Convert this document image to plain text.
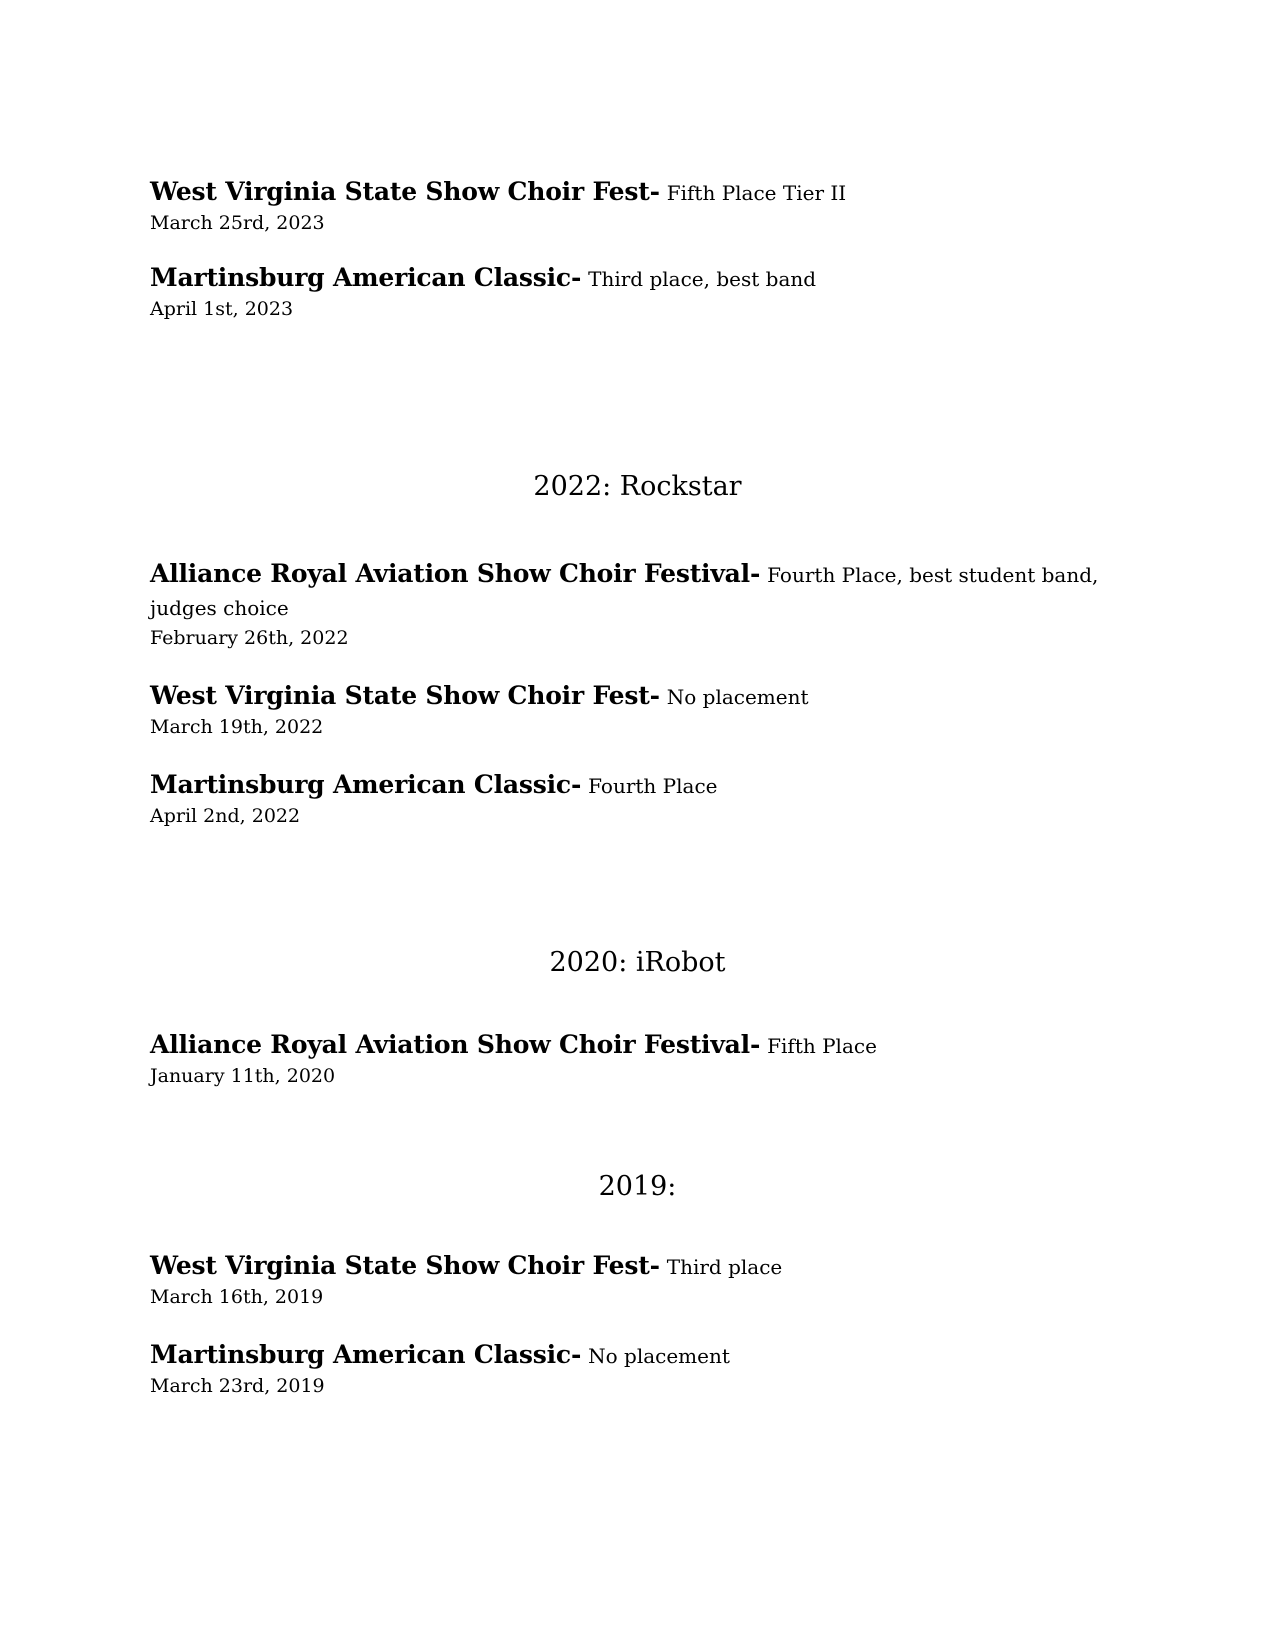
West Virginia State Show Choir Fest- Fifth Place Tier II
March 25rd, 2023
Martinsburg American Classic- Third place, best band
April 1st, 2023
2022: Rockstar
Alliance Royal Aviation Show Choir Festival- Fourth Place, best student band, judges choice
February 26th, 2022
West Virginia State Show Choir Fest- No placement
March 19th, 2022
Martinsburg American Classic- Fourth Place
April 2nd, 2022
2020: iRobot
Alliance Royal Aviation Show Choir Festival- Fifth Place
January 11th, 2020
2019:
West Virginia State Show Choir Fest- Third place
March 16th, 2019
Martinsburg American Classic- No placement
March 23rd, 2019
